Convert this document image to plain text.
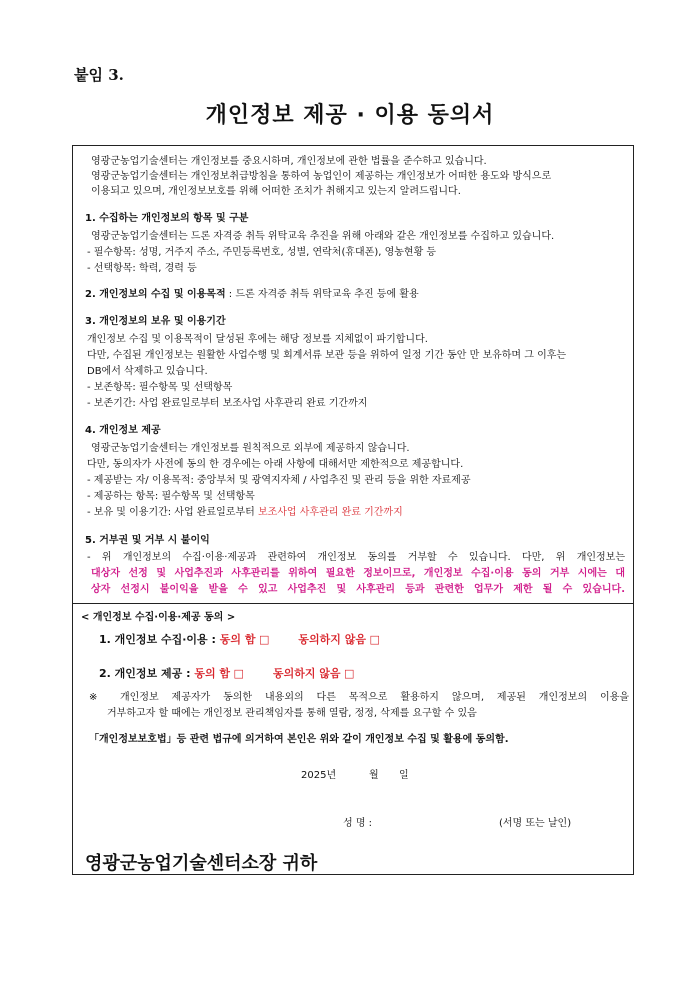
붙임 3.
개인정보 제공 · 이용 동의서
영광군농업기술센터는 개인정보를 중요시하며, 개인정보에 관한 법률을 준수하고 있습니다.
영광군농업기술센터는 개인정보취급방침을 통하여 농업인이 제공하는 개인정보가 어떠한 용도와 방식으로
이용되고 있으며, 개인정보보호를 위해 어떠한 조치가 취해지고 있는지 알려드립니다.
1. 수집하는 개인정보의 항목 및 구분
영광군농업기술센터는 드론 자격증 취득 위탁교육 추진을 위해 아래와 같은 개인정보를 수집하고 있습니다.
- 필수항목: 성명, 거주지 주소, 주민등록번호, 성별, 연락처(휴대폰), 영농현황 등
- 선택항목: 학력, 경력 등
2. 개인정보의 수집 및 이용목적 : 드론 자격증 취득 위탁교육 추진 등에 활용
3. 개인정보의 보유 및 이용기간
개인정보 수집 및 이용목적이 달성된 후에는 해당 정보를 지체없이 파기합니다.
다만, 수집된 개인정보는 원활한 사업수행 및 회계서류 보관 등을 위하여 일정 기간 동안 만 보유하며 그 이후는
DB에서 삭제하고 있습니다.
- 보존항목: 필수항목 및 선택항목
- 보존기간: 사업 완료일로부터 보조사업 사후관리 완료 기간까지
4. 개인정보 제공
영광군농업기술센터는 개인정보를 원칙적으로 외부에 제공하지 않습니다.
다만, 동의자가 사전에 동의 한 경우에는 아래 사항에 대해서만 제한적으로 제공합니다.
- 제공받는 자/ 이용목적: 중앙부처 및 광역지자체 / 사업추진 및 관리 등을 위한 자료제공
- 제공하는 항목: 필수항목 및 선택항목
- 보유 및 이용기간: 사업 완료일로부터 보조사업 사후관리 완료 기간까지
5. 거부권 및 거부 시 불이익
- 위 개인정보의 수집·이용·제공과 관련하여 개인정보 동의를 거부할 수 있습니다. 다만, 위 개인정보는
대상자 선정 및 사업추진과 사후관리를 위하여 필요한 정보이므로, 개인정보 수집·이용 동의 거부 시에는 대
상자 선정시 불이익을 받을 수 있고 사업추진 및 사후관리 등과 관련한 업무가 제한 될 수 있습니다.
< 개인정보 수집·이용·제공 동의 >
1. 개인정보 수집·이용 : 동의 함 □	동의하지 않음 □
2. 개인정보 제공 : 동의 함 □	동의하지 않음 □
※ 개인정보 제공자가 동의한 내용외의 다른 목적으로 활용하지 않으며, 제공된 개인정보의 이용을
거부하고자 할 때에는 개인정보 관리책임자를 통해 열람, 정정, 삭제를 요구할 수 있음
「개인정보보호법」등 관련 법규에 의거하여 본인은 위와 같이 개인정보 수집 및 활용에 동의함.
2025년	월 일
성 명 :	(서명 또는 날인)
영광군농업기술센터소장 귀하
